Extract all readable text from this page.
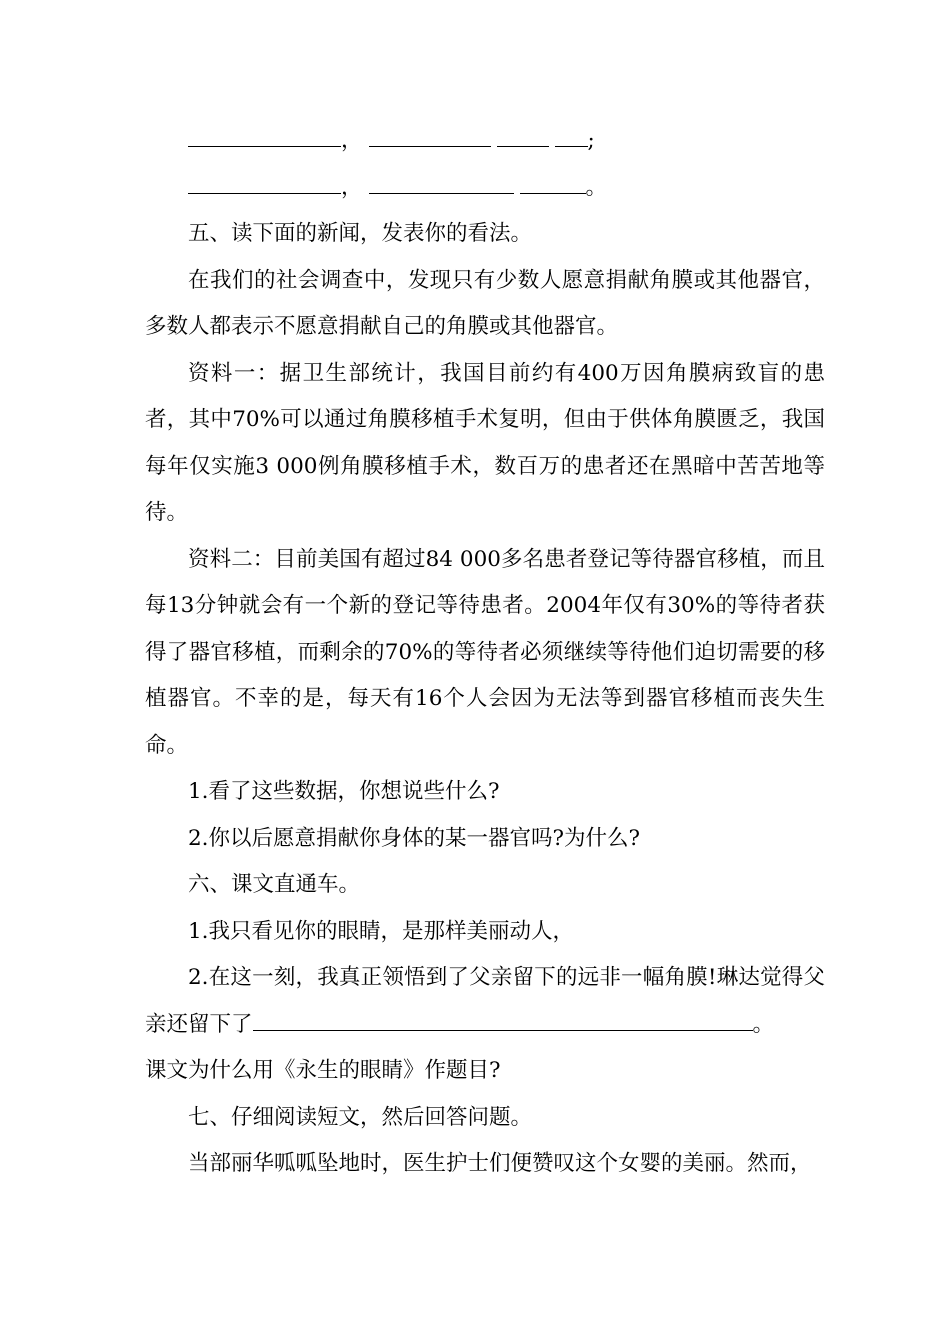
，	;

，	。

五、读下面的新闻，发表你的看法。

在我们的社会调查中，发现只有少数人愿意捐献角膜或其他器官，多数人都表示不愿意捐献自己的角膜或其他器官。

资料一：据卫生部统计，我国目前约有400万因角膜病致盲的患者，其中70%可以通过角膜移植手术复明，但由于供体角膜匮乏，我国每年仅实施3 000例角膜移植手术，数百万的患者还在黑暗中苦苦地等待。

资料二：目前美国有超过84 000多名患者登记等待器官移植，而且每13分钟就会有一个新的登记等待患者。2004年仅有30%的等待者获得了器官移植，而剩余的70%的等待者必须继续等待他们迫切需要的移植器官。不幸的是，每天有16个人会因为无法等到器官移植而丧失生命。

1.看了这些数据，你想说些什么?

2.你以后愿意捐献你身体的某一器官吗?为什么?

六、课文直通车。

1.我只看见你的眼睛，是那样美丽动人，

2.在这一刻，我真正领悟到了父亲留下的远非一幅角膜!琳达觉得父亲还留下了	。

课文为什么用《永生的眼睛》作题目?

七、仔细阅读短文，然后回答问题。

当部丽华呱呱坠地时，医生护士们便赞叹这个女婴的美丽。然而，
